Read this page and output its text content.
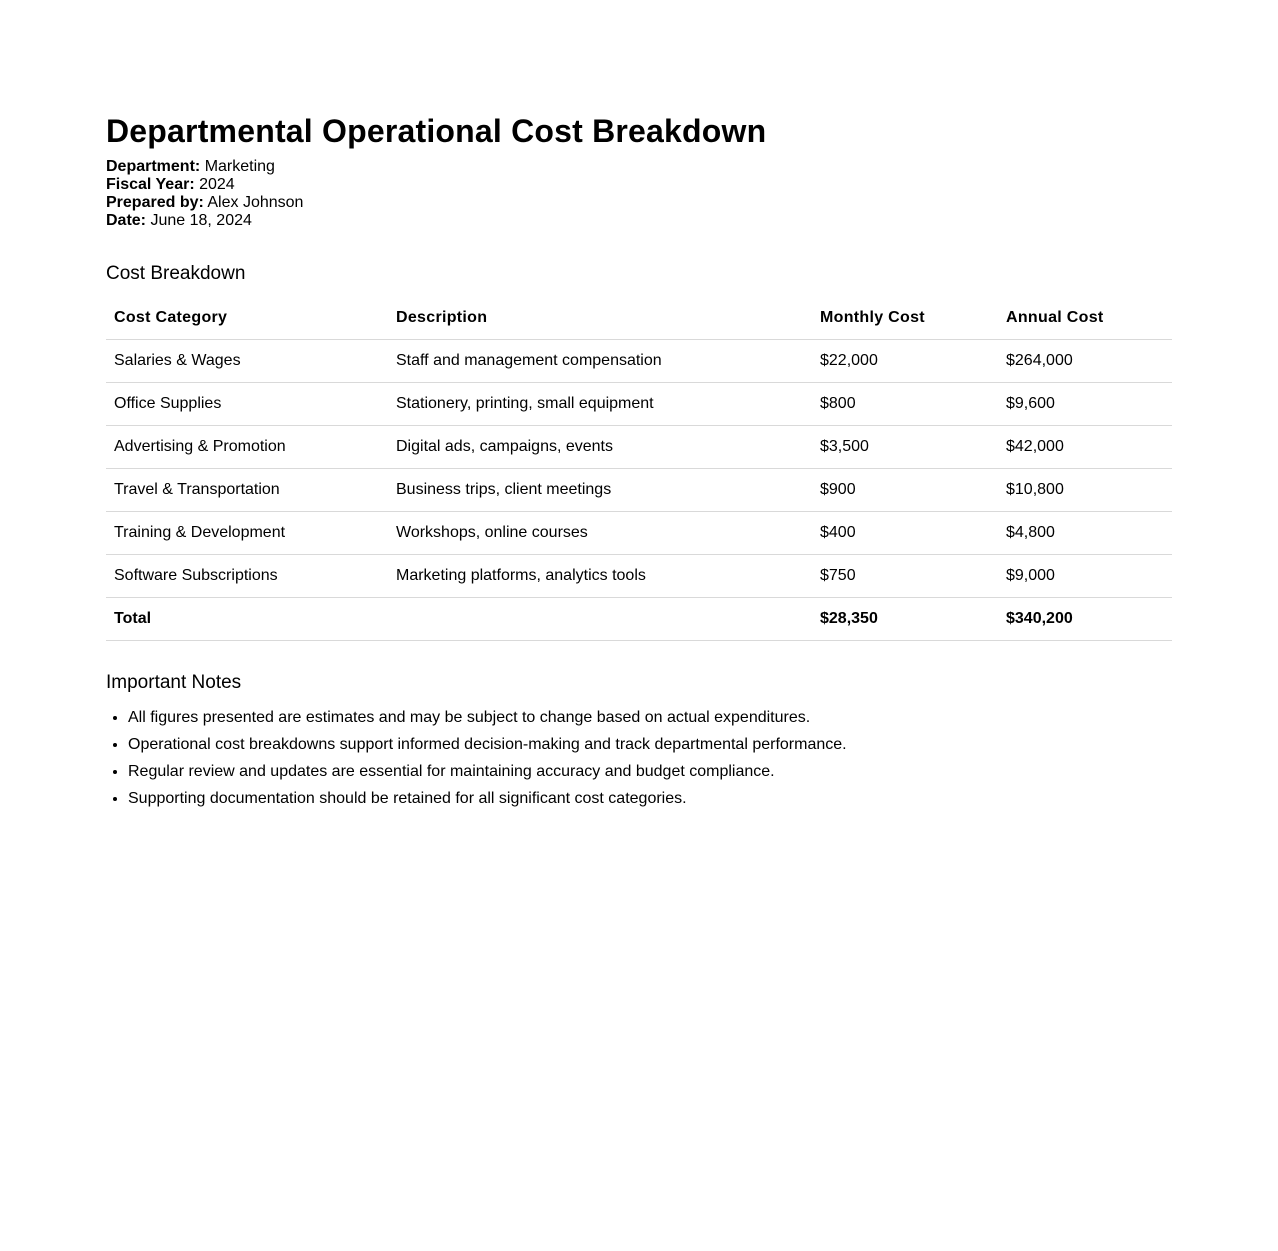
Departmental Operational Cost Breakdown
Department: Marketing
Fiscal Year: 2024
Prepared by: Alex Johnson
Date: June 18, 2024
Cost Breakdown
Cost Category	Description	Monthly Cost	Annual Cost
Salaries & Wages	Staff and management compensation	$22,000	$264,000
Office Supplies	Stationery, printing, small equipment	$800	$9,600
Advertising & Promotion	Digital ads, campaigns, events	$3,500	$42,000
Travel & Transportation	Business trips, client meetings	$900	$10,800
Training & Development	Workshops, online courses	$400	$4,800
Software Subscriptions	Marketing platforms, analytics tools	$750	$9,000
Total		$28,350	$340,200
Important Notes
• All figures presented are estimates and may be subject to change based on actual expenditures.
• Operational cost breakdowns support informed decision-making and track departmental performance.
• Regular review and updates are essential for maintaining accuracy and budget compliance.
• Supporting documentation should be retained for all significant cost categories.
